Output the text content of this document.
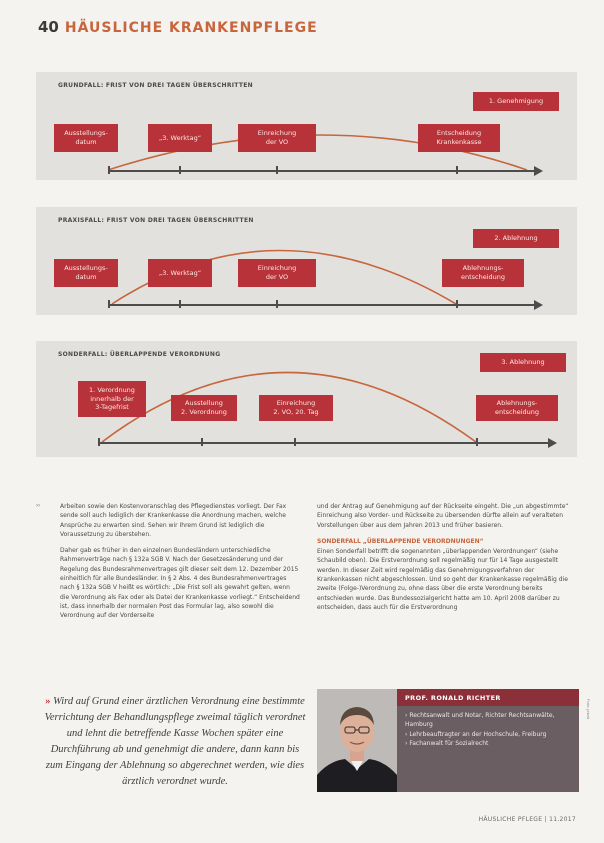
40 HÄUSLICHE KRANKENPFLEGE
GRUNDFALL: FRIST VON DREI TAGEN ÜBERSCHRITTEN
1. Genehmigung
Ausstellungs-
datum
„3. Werktag“
Einreichung
der VO
Entscheidung
Krankenkasse
PRAXISFALL: FRIST VON DREI TAGEN ÜBERSCHRITTEN
2. Ablehnung
Ausstellungs-
datum
„3. Werktag“
Einreichung
der VO
Ablehnungs-
entscheidung
SONDERFALL: ÜBERLAPPENDE VERORDNUNG
3. Ablehnung
1. Verordnung
innerhalb der
3-Tagefrist
Ausstellung
2. Verordnung
Einreichung
2. VO, 20. Tag
Ablehnungs-
entscheidung
››	Arbeiten sowie den Kostenvoranschlag des Pflegedienstes vorliegt. Der Fax sende soll auch lediglich der Krankenkasse die Anordnung machen, welche Ansprüche zu erwarten sind. Sehen wir Ihrem Grund ist lediglich die Voraussetzung zu überstehen.

Daher gab es früher in den einzelnen Bundesländern unterschiedliche Rahmenverträge nach § 132a SGB V. Nach der Gesetzesänderung und der Regelung des Bundesrahmenvertrages gilt dieser seit dem 12. Dezember 2015 einheitlich für alle Bundesländer. In § 2 Abs. 4 des Bundesrahmenvertrages nach § 132a SGB V heißt es wörtlich: „Die Frist soll als gewahrt gelten, wenn die Verordnung als Fax oder als Datei der Krankenkasse vorliegt.“ Entscheidend ist, dass innerhalb der normalen Post das Formular lag, also sowohl die Verordnung auf der Vorderseite

und der Antrag auf Genehmigung auf der Rückseite eingeht. Die „un abgestimmte“ Einreichung also Vorder- und Rückseite zu übersenden dürfte allein auf veralteten Vorstellungen über aus dem Jahren 2013 und früher basieren.

SONDERFALL „ÜBERLAPPENDE VERORDNUNGEN“

Einen Sonderfall betrifft die sogenannten „überlappenden Verordnungen“ (siehe Schaubild oben). Die Erstverordnung soll regelmäßig nur für 14 Tage ausgestellt werden. In dieser Zeit wird regelmäßig das Genehmigungsverfahren der Krankenkassen nicht abgeschlossen. Und so geht der Krankenkasse regelmäßig die zweite (Folge-)Verordnung zu, ohne dass über die erste Verordnung bereits entschieden wurde. Das Bundessozialgericht hatte am 10. April 2008 darüber zu entscheiden, dass auch für die Erstverordnung

» Wird auf Grund einer ärztlichen Verordnung eine bestimmte Verrichtung der Behandlungspflege zweimal täglich verordnet und lehnt die betreffende Kasse Wochen später eine Durchführung ab und genehmigt die andere, dann kann bis zum Eingang der Ablehnung so abgerechnet werden, wie dies ärztlich verordnet wurde.
PROF. RONALD RICHTER
› Rechtsanwalt und Notar, Richter Rechtsanwälte, Hamburg
› Lehrbeauftragter an der Hochschule, Freiburg
› Fachanwalt für Sozialrecht
Foto: privat
HÄUSLICHE PFLEGE | 11.2017
